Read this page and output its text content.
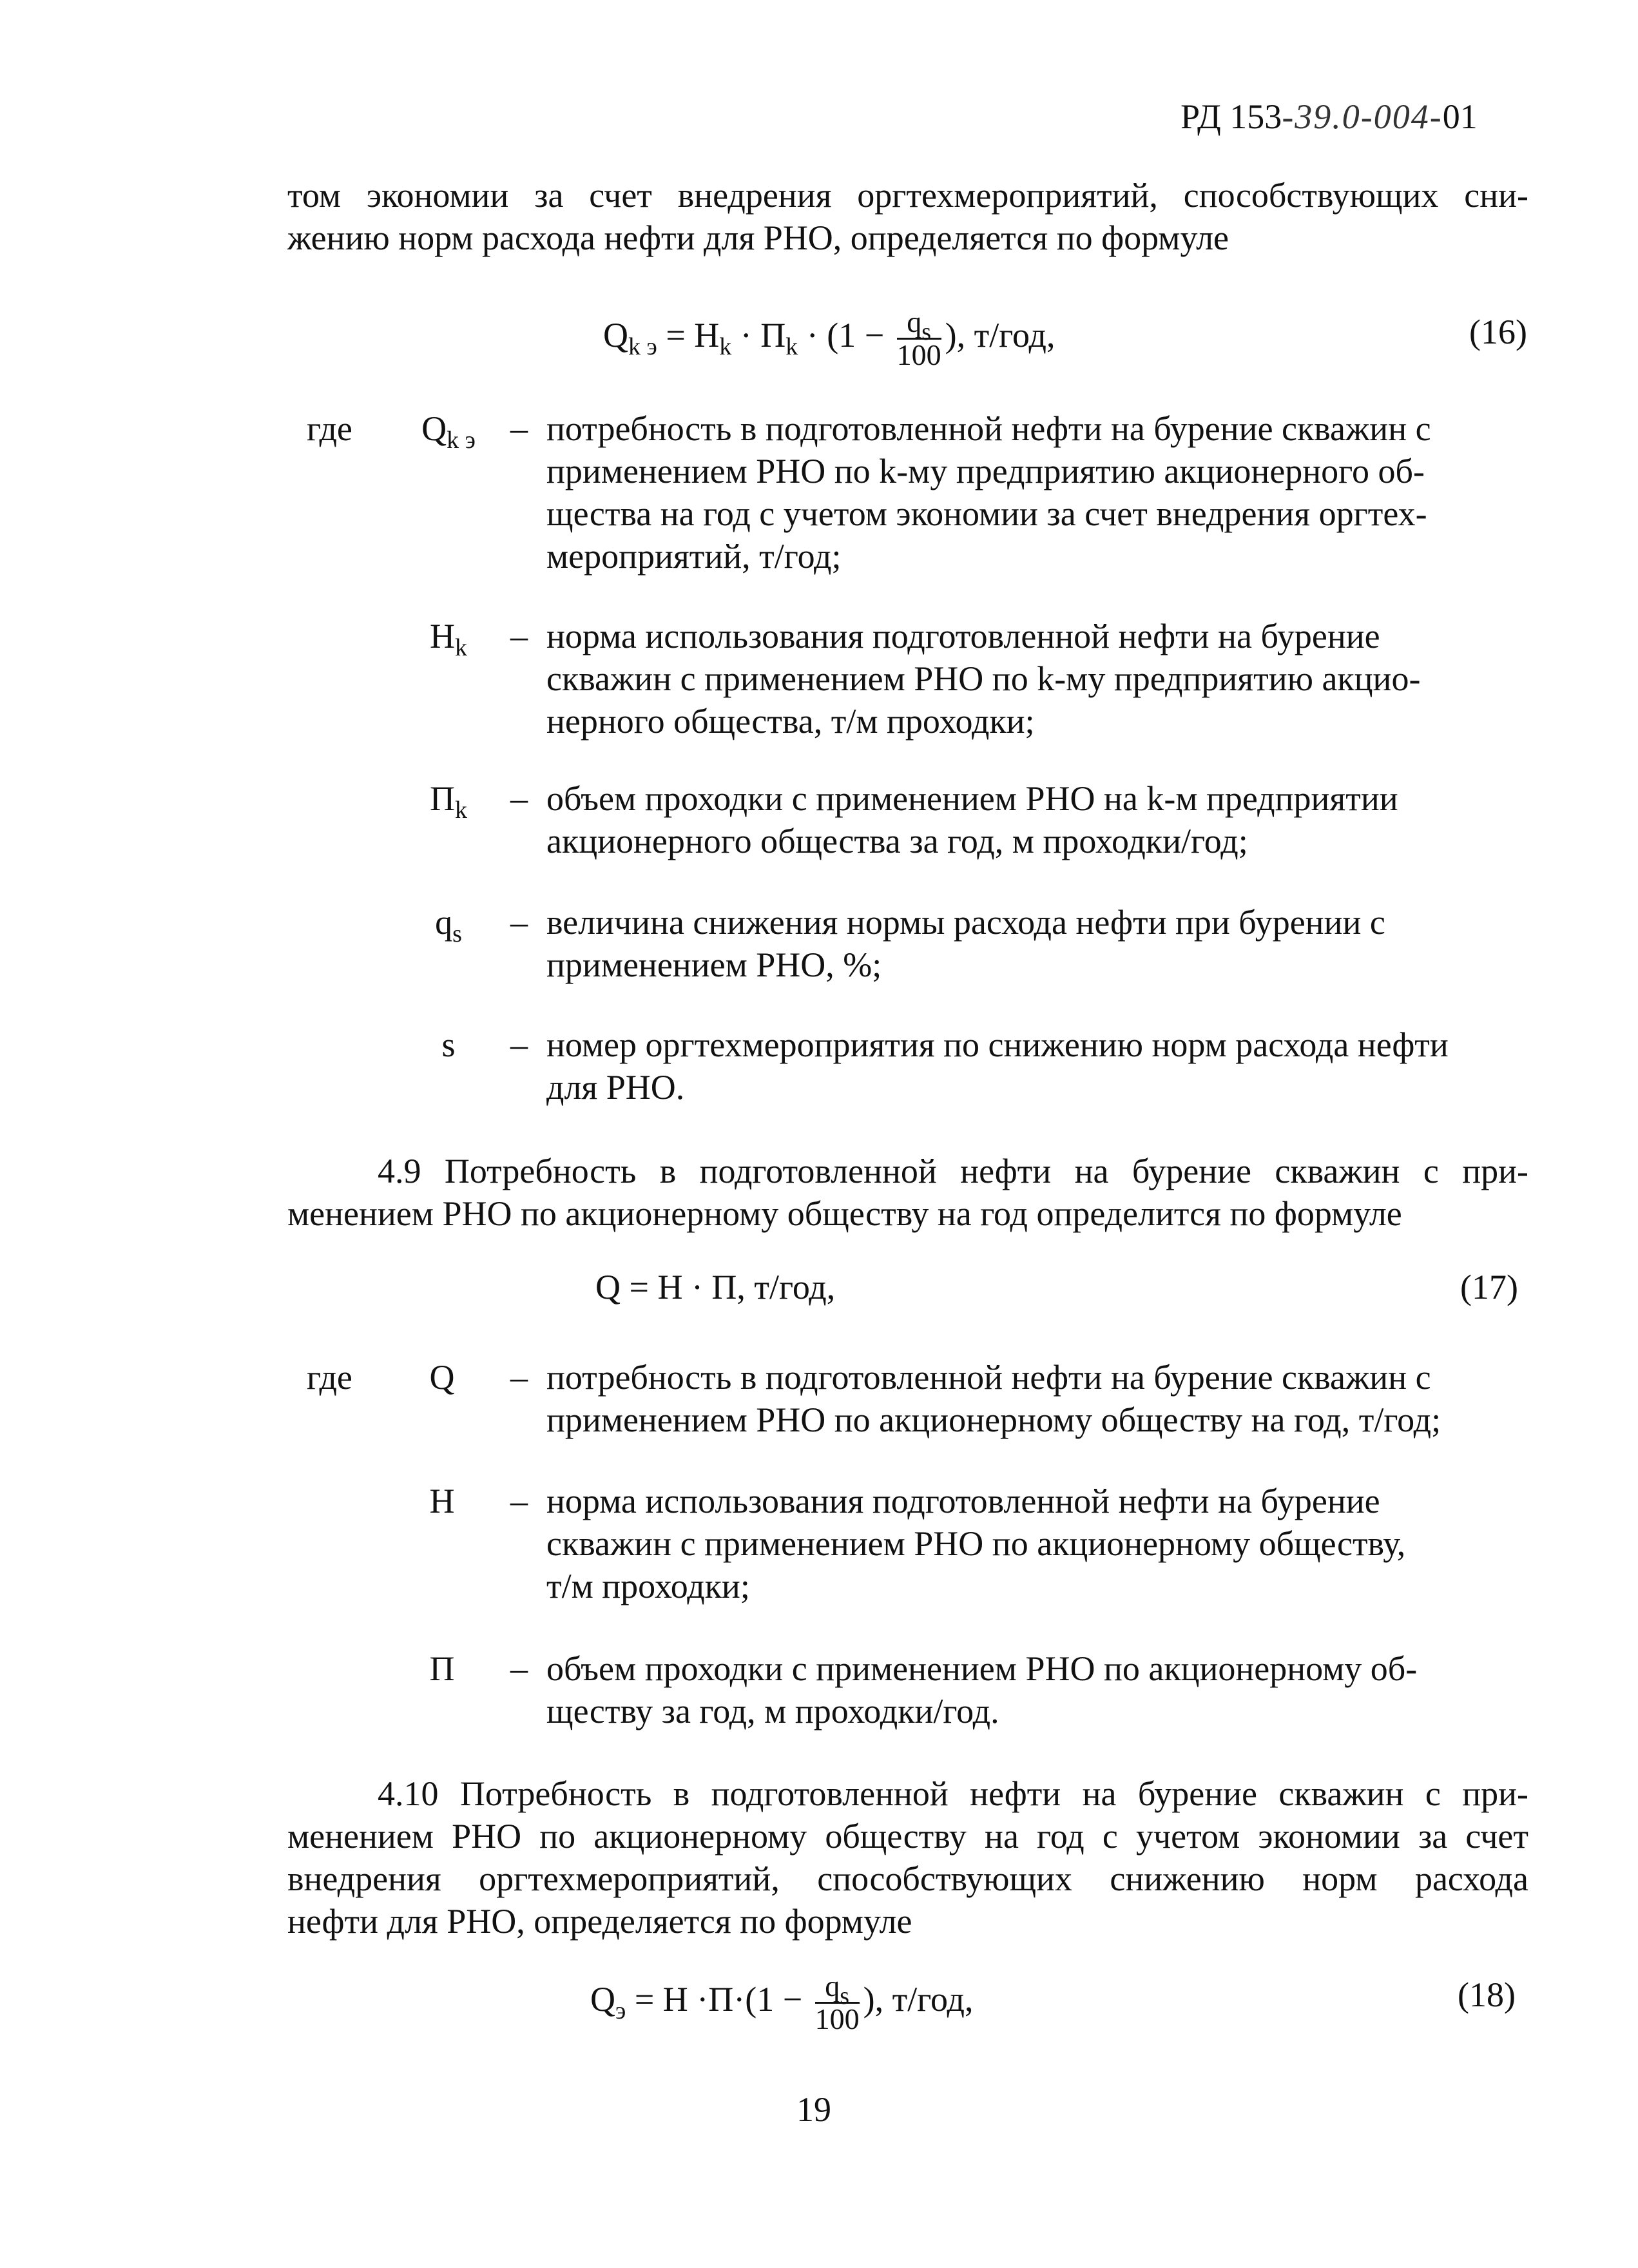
РД 153-39.0-004-01
том экономии за счет внедрения оргтехмероприятий, способствующих сни-
жению норм расхода нефти для РНО, определяется по формуле
$Q_{k э} = H_k \cdot П_k \cdot (1 - \frac{q_s}{100}$ ), т/год,	(16)
где	$Q_{k э}$	– потребность в подготовленной нефти на бурение скважин с
применением РНО по k-му предприятию акционерного об-
щества на год с учетом экономии за счет внедрения оргтех-
мероприятий, т/год;
$H_k$	– норма использования подготовленной нефти на бурение
скважин с применением РНО по k-му предприятию акцио-
нерного общества, т/м проходки;
$П_k$	– объем проходки с применением РНО на k-м предприятии
акционерного общества за год, м проходки/год;
$q_s$	– величина снижения нормы расхода нефти при бурении с
применением РНО, %;
s	– номер оргтехмероприятия по снижению норм расхода нефти
для РНО.
4.9 Потребность в подготовленной нефти на бурение скважин с при-
менением РНО по акционерному обществу на год определится по формуле
Q = H · П, т/год,	(17)
где	Q	– потребность в подготовленной нефти на бурение скважин с
применением РНО по акционерному обществу на год, т/год;
H	– норма использования подготовленной нефти на бурение
скважин с применением РНО по акционерному обществу,
т/м проходки;
П	– объем проходки с применением РНО по акционерному об-
ществу за год, м проходки/год.
4.10 Потребность в подготовленной нефти на бурение скважин с при-
менением РНО по акционерному обществу на год с учетом экономии за счет
внедрения оргтехмероприятий, способствующих снижению норм расхода
нефти для РНО, определяется по формуле
$Q_э = H \cdot П\cdot(1 - \frac{q_s}{100}$ ), т/год,	(18)
19
